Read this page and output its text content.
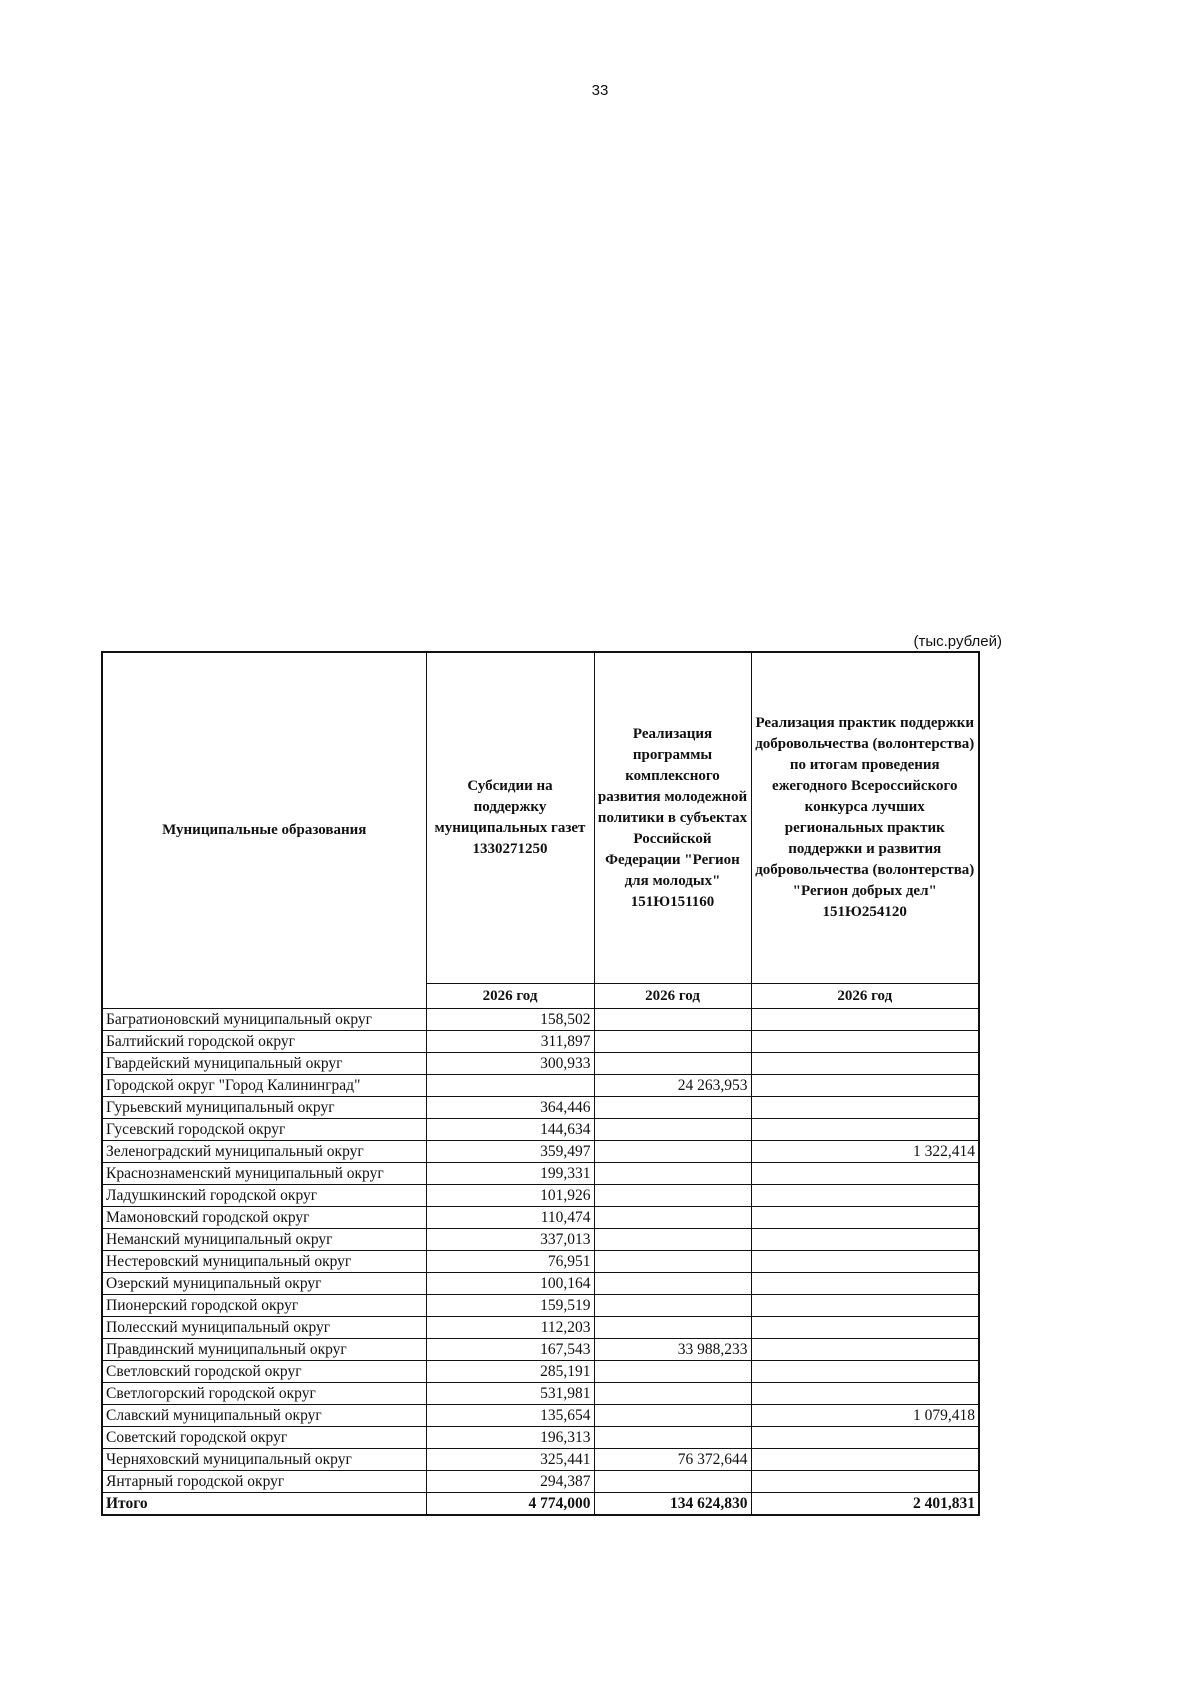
33
(тыс.рублей)
Муниципальные образования	Субсидии на поддержку муниципальных газет 1330271250	Реализация программы комплексного развития молодежной политики в субъектах Российской Федерации "Регион для молодых" 151Ю151160	Реализация практик поддержки добровольчества (волонтерства) по итогам проведения ежегодного Всероссийского конкурса лучших региональных практик поддержки и развития добровольчества (волонтерства) "Регион добрых дел" 151Ю254120
	2026 год	2026 год	2026 год
Багратионовский муниципальный округ	158,502		
Балтийский городской округ	311,897		
Гвардейский муниципальный округ	300,933		
Городской округ "Город Калининград"		24 263,953	
Гурьевский муниципальный округ	364,446		
Гусевский городской округ	144,634		
Зеленоградский муниципальный округ	359,497		1 322,414
Краснознаменский муниципальный округ	199,331		
Ладушкинский городской округ	101,926		
Мамоновский городской округ	110,474		
Неманский муниципальный округ	337,013		
Нестеровский муниципальный округ	76,951		
Озерский муниципальный округ	100,164		
Пионерский городской округ	159,519		
Полесский муниципальный округ	112,203		
Правдинский муниципальный округ	167,543	33 988,233	
Светловский городской округ	285,191		
Светлогорский городской округ	531,981		
Славский муниципальный округ	135,654		1 079,418
Советский городской округ	196,313		
Черняховский муниципальный округ	325,441	76 372,644	
Янтарный городской округ	294,387		
Итого	4 774,000	134 624,830	2 401,831
